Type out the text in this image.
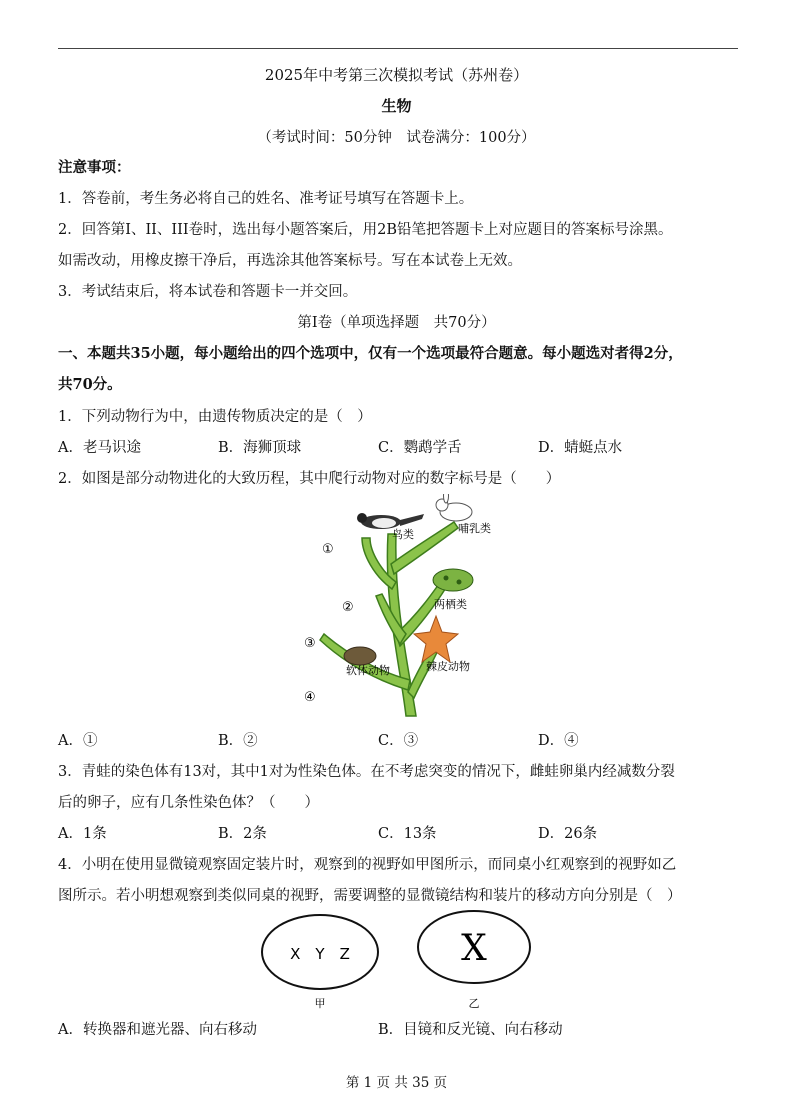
2025年中考第三次模拟考试（苏州卷）
生物
（考试时间：50分钟　试卷满分：100分）
注意事项：
1．答卷前，考生务必将自己的姓名、准考证号填写在答题卡上。
2．回答第I、II、III卷时，选出每小题答案后，用2B铅笔把答题卡上对应题目的答案标号涂黑。
如需改动，用橡皮擦干净后，再选涂其他答案标号。写在本试卷上无效。
3．考试结束后，将本试卷和答题卡一并交回。
第I卷（单项选择题　共70分）
一、本题共35小题，每小题给出的四个选项中，仅有一个选项最符合题意。每小题选对者得2分，
共70分。
1．下列动物行为中，由遗传物质决定的是（　）
A．老马识途	B．海狮顶球	C．鹦鹉学舌	D．蜻蜓点水
2．如图是部分动物进化的大致历程，其中爬行动物对应的数字标号是（　　）
鸟类	哺乳类
两栖类
棘皮动物
软体动物
①
②
③
④
A．①	B．②	C．③	D．④
3．青蛙的染色体有13对，其中1对为性染色体。在不考虑突变的情况下，雌蛙卵巢内经减数分裂
后的卵子，应有几条性染色体？（　　）
A．1条	B．2条	C．13条	D．26条
4．小明在使用显微镜观察固定装片时，观察到的视野如甲图所示，而同桌小红观察到的视野如乙
图所示。若小明想观察到类似同桌的视野，需要调整的显微镜结构和装片的移动方向分别是（　）
X　Y　Z
甲
X
乙
A．转换器和遮光器、向右移动	B．目镜和反光镜、向右移动
第 1 页 共 35 页
